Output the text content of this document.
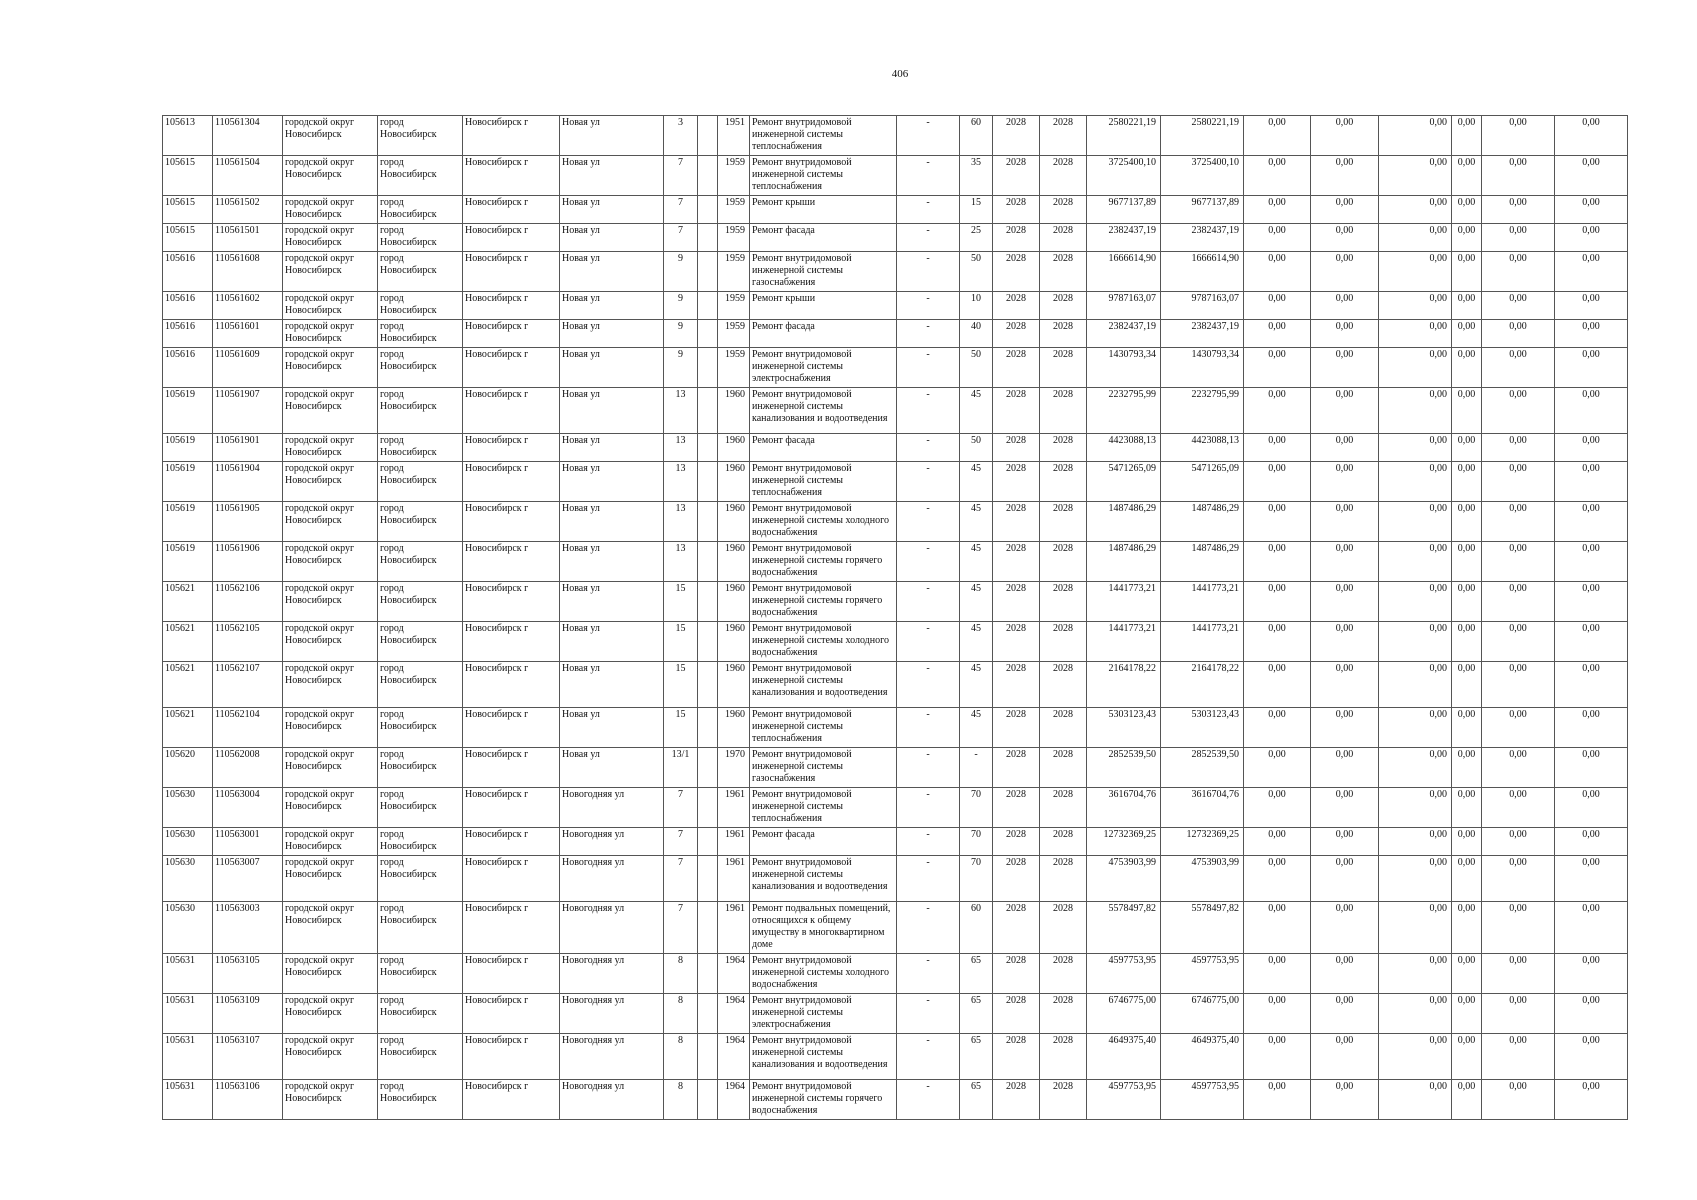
406
105613	110561304	городской округ Новосибирск	город Новосибирск	Новосибирск г	Новая ул	3		1951	Ремонт внутридомовой инженерной системы теплоснабжения	-	60	2028	2028	2580221,19	2580221,19	0,00	0,00	0,00	0,00	0,00	0,00
105615	110561504	городской округ Новосибирск	город Новосибирск	Новосибирск г	Новая ул	7		1959	Ремонт внутридомовой инженерной системы теплоснабжения	-	35	2028	2028	3725400,10	3725400,10	0,00	0,00	0,00	0,00	0,00	0,00
105615	110561502	городской округ Новосибирск	город Новосибирск	Новосибирск г	Новая ул	7		1959	Ремонт крыши	-	15	2028	2028	9677137,89	9677137,89	0,00	0,00	0,00	0,00	0,00	0,00
105615	110561501	городской округ Новосибирск	город Новосибирск	Новосибирск г	Новая ул	7		1959	Ремонт фасада	-	25	2028	2028	2382437,19	2382437,19	0,00	0,00	0,00	0,00	0,00	0,00
105616	110561608	городской округ Новосибирск	город Новосибирск	Новосибирск г	Новая ул	9		1959	Ремонт внутридомовой инженерной системы газоснабжения	-	50	2028	2028	1666614,90	1666614,90	0,00	0,00	0,00	0,00	0,00	0,00
105616	110561602	городской округ Новосибирск	город Новосибирск	Новосибирск г	Новая ул	9		1959	Ремонт крыши	-	10	2028	2028	9787163,07	9787163,07	0,00	0,00	0,00	0,00	0,00	0,00
105616	110561601	городской округ Новосибирск	город Новосибирск	Новосибирск г	Новая ул	9		1959	Ремонт фасада	-	40	2028	2028	2382437,19	2382437,19	0,00	0,00	0,00	0,00	0,00	0,00
105616	110561609	городской округ Новосибирск	город Новосибирск	Новосибирск г	Новая ул	9		1959	Ремонт внутридомовой инженерной системы электроснабжения	-	50	2028	2028	1430793,34	1430793,34	0,00	0,00	0,00	0,00	0,00	0,00
105619	110561907	городской округ Новосибирск	город Новосибирск	Новосибирск г	Новая ул	13		1960	Ремонт внутридомовой инженерной системы канализования и водоотведения	-	45	2028	2028	2232795,99	2232795,99	0,00	0,00	0,00	0,00	0,00	0,00
105619	110561901	городской округ Новосибирск	город Новосибирск	Новосибирск г	Новая ул	13		1960	Ремонт фасада	-	50	2028	2028	4423088,13	4423088,13	0,00	0,00	0,00	0,00	0,00	0,00
105619	110561904	городской округ Новосибирск	город Новосибирск	Новосибирск г	Новая ул	13		1960	Ремонт внутридомовой инженерной системы теплоснабжения	-	45	2028	2028	5471265,09	5471265,09	0,00	0,00	0,00	0,00	0,00	0,00
105619	110561905	городской округ Новосибирск	город Новосибирск	Новосибирск г	Новая ул	13		1960	Ремонт внутридомовой инженерной системы холодного водоснабжения	-	45	2028	2028	1487486,29	1487486,29	0,00	0,00	0,00	0,00	0,00	0,00
105619	110561906	городской округ Новосибирск	город Новосибирск	Новосибирск г	Новая ул	13		1960	Ремонт внутридомовой инженерной системы горячего водоснабжения	-	45	2028	2028	1487486,29	1487486,29	0,00	0,00	0,00	0,00	0,00	0,00
105621	110562106	городской округ Новосибирск	город Новосибирск	Новосибирск г	Новая ул	15		1960	Ремонт внутридомовой инженерной системы горячего водоснабжения	-	45	2028	2028	1441773,21	1441773,21	0,00	0,00	0,00	0,00	0,00	0,00
105621	110562105	городской округ Новосибирск	город Новосибирск	Новосибирск г	Новая ул	15		1960	Ремонт внутридомовой инженерной системы холодного водоснабжения	-	45	2028	2028	1441773,21	1441773,21	0,00	0,00	0,00	0,00	0,00	0,00
105621	110562107	городской округ Новосибирск	город Новосибирск	Новосибирск г	Новая ул	15		1960	Ремонт внутридомовой инженерной системы канализования и водоотведения	-	45	2028	2028	2164178,22	2164178,22	0,00	0,00	0,00	0,00	0,00	0,00
105621	110562104	городской округ Новосибирск	город Новосибирск	Новосибирск г	Новая ул	15		1960	Ремонт внутридомовой инженерной системы теплоснабжения	-	45	2028	2028	5303123,43	5303123,43	0,00	0,00	0,00	0,00	0,00	0,00
105620	110562008	городской округ Новосибирск	город Новосибирск	Новосибирск г	Новая ул	13/1		1970	Ремонт внутридомовой инженерной системы газоснабжения	-	-	2028	2028	2852539,50	2852539,50	0,00	0,00	0,00	0,00	0,00	0,00
105630	110563004	городской округ Новосибирск	город Новосибирск	Новосибирск г	Новогодняя ул	7		1961	Ремонт внутридомовой инженерной системы теплоснабжения	-	70	2028	2028	3616704,76	3616704,76	0,00	0,00	0,00	0,00	0,00	0,00
105630	110563001	городской округ Новосибирск	город Новосибирск	Новосибирск г	Новогодняя ул	7		1961	Ремонт фасада	-	70	2028	2028	12732369,25	12732369,25	0,00	0,00	0,00	0,00	0,00	0,00
105630	110563007	городской округ Новосибирск	город Новосибирск	Новосибирск г	Новогодняя ул	7		1961	Ремонт внутридомовой инженерной системы канализования и водоотведения	-	70	2028	2028	4753903,99	4753903,99	0,00	0,00	0,00	0,00	0,00	0,00
105630	110563003	городской округ Новосибирск	город Новосибирск	Новосибирск г	Новогодняя ул	7		1961	Ремонт подвальных помещений, относящихся к общему имуществу в многоквартирном доме	-	60	2028	2028	5578497,82	5578497,82	0,00	0,00	0,00	0,00	0,00	0,00
105631	110563105	городской округ Новосибирск	город Новосибирск	Новосибирск г	Новогодняя ул	8		1964	Ремонт внутридомовой инженерной системы холодного водоснабжения	-	65	2028	2028	4597753,95	4597753,95	0,00	0,00	0,00	0,00	0,00	0,00
105631	110563109	городской округ Новосибирск	город Новосибирск	Новосибирск г	Новогодняя ул	8		1964	Ремонт внутридомовой инженерной системы электроснабжения	-	65	2028	2028	6746775,00	6746775,00	0,00	0,00	0,00	0,00	0,00	0,00
105631	110563107	городской округ Новосибирск	город Новосибирск	Новосибирск г	Новогодняя ул	8		1964	Ремонт внутридомовой инженерной системы канализования и водоотведения	-	65	2028	2028	4649375,40	4649375,40	0,00	0,00	0,00	0,00	0,00	0,00
105631	110563106	городской округ Новосибирск	город Новосибирск	Новосибирск г	Новогодняя ул	8		1964	Ремонт внутридомовой инженерной системы горячего водоснабжения	-	65	2028	2028	4597753,95	4597753,95	0,00	0,00	0,00	0,00	0,00	0,00
